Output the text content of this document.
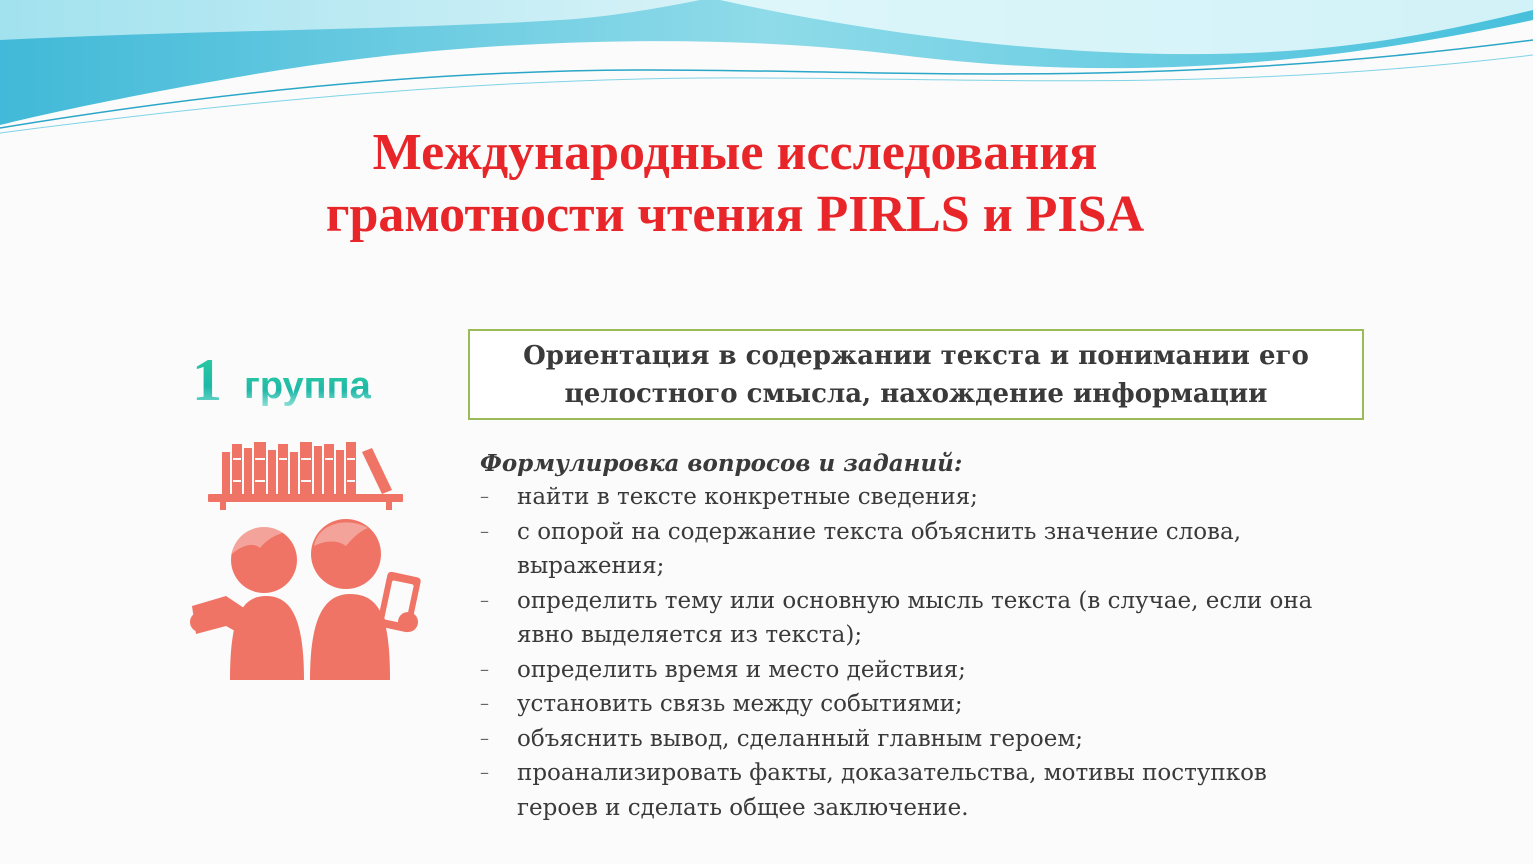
Международные исследования
грамотности чтения PIRLS и PISA
1 группа
Ориентация в содержании текста и понимании его
целостного смысла, нахождение информации
Формулировка вопросов и заданий:
– найти в тексте конкретные сведения;
– с опорой на содержание текста объяснить значение слова,
выражения;
– определить тему или основную мысль текста (в случае, если она
явно выделяется из текста);
– определить время и место действия;
– установить связь между событиями;
– объяснить вывод, сделанный главным героем;
– проанализировать факты, доказательства, мотивы поступков
героев и сделать общее заключение.
